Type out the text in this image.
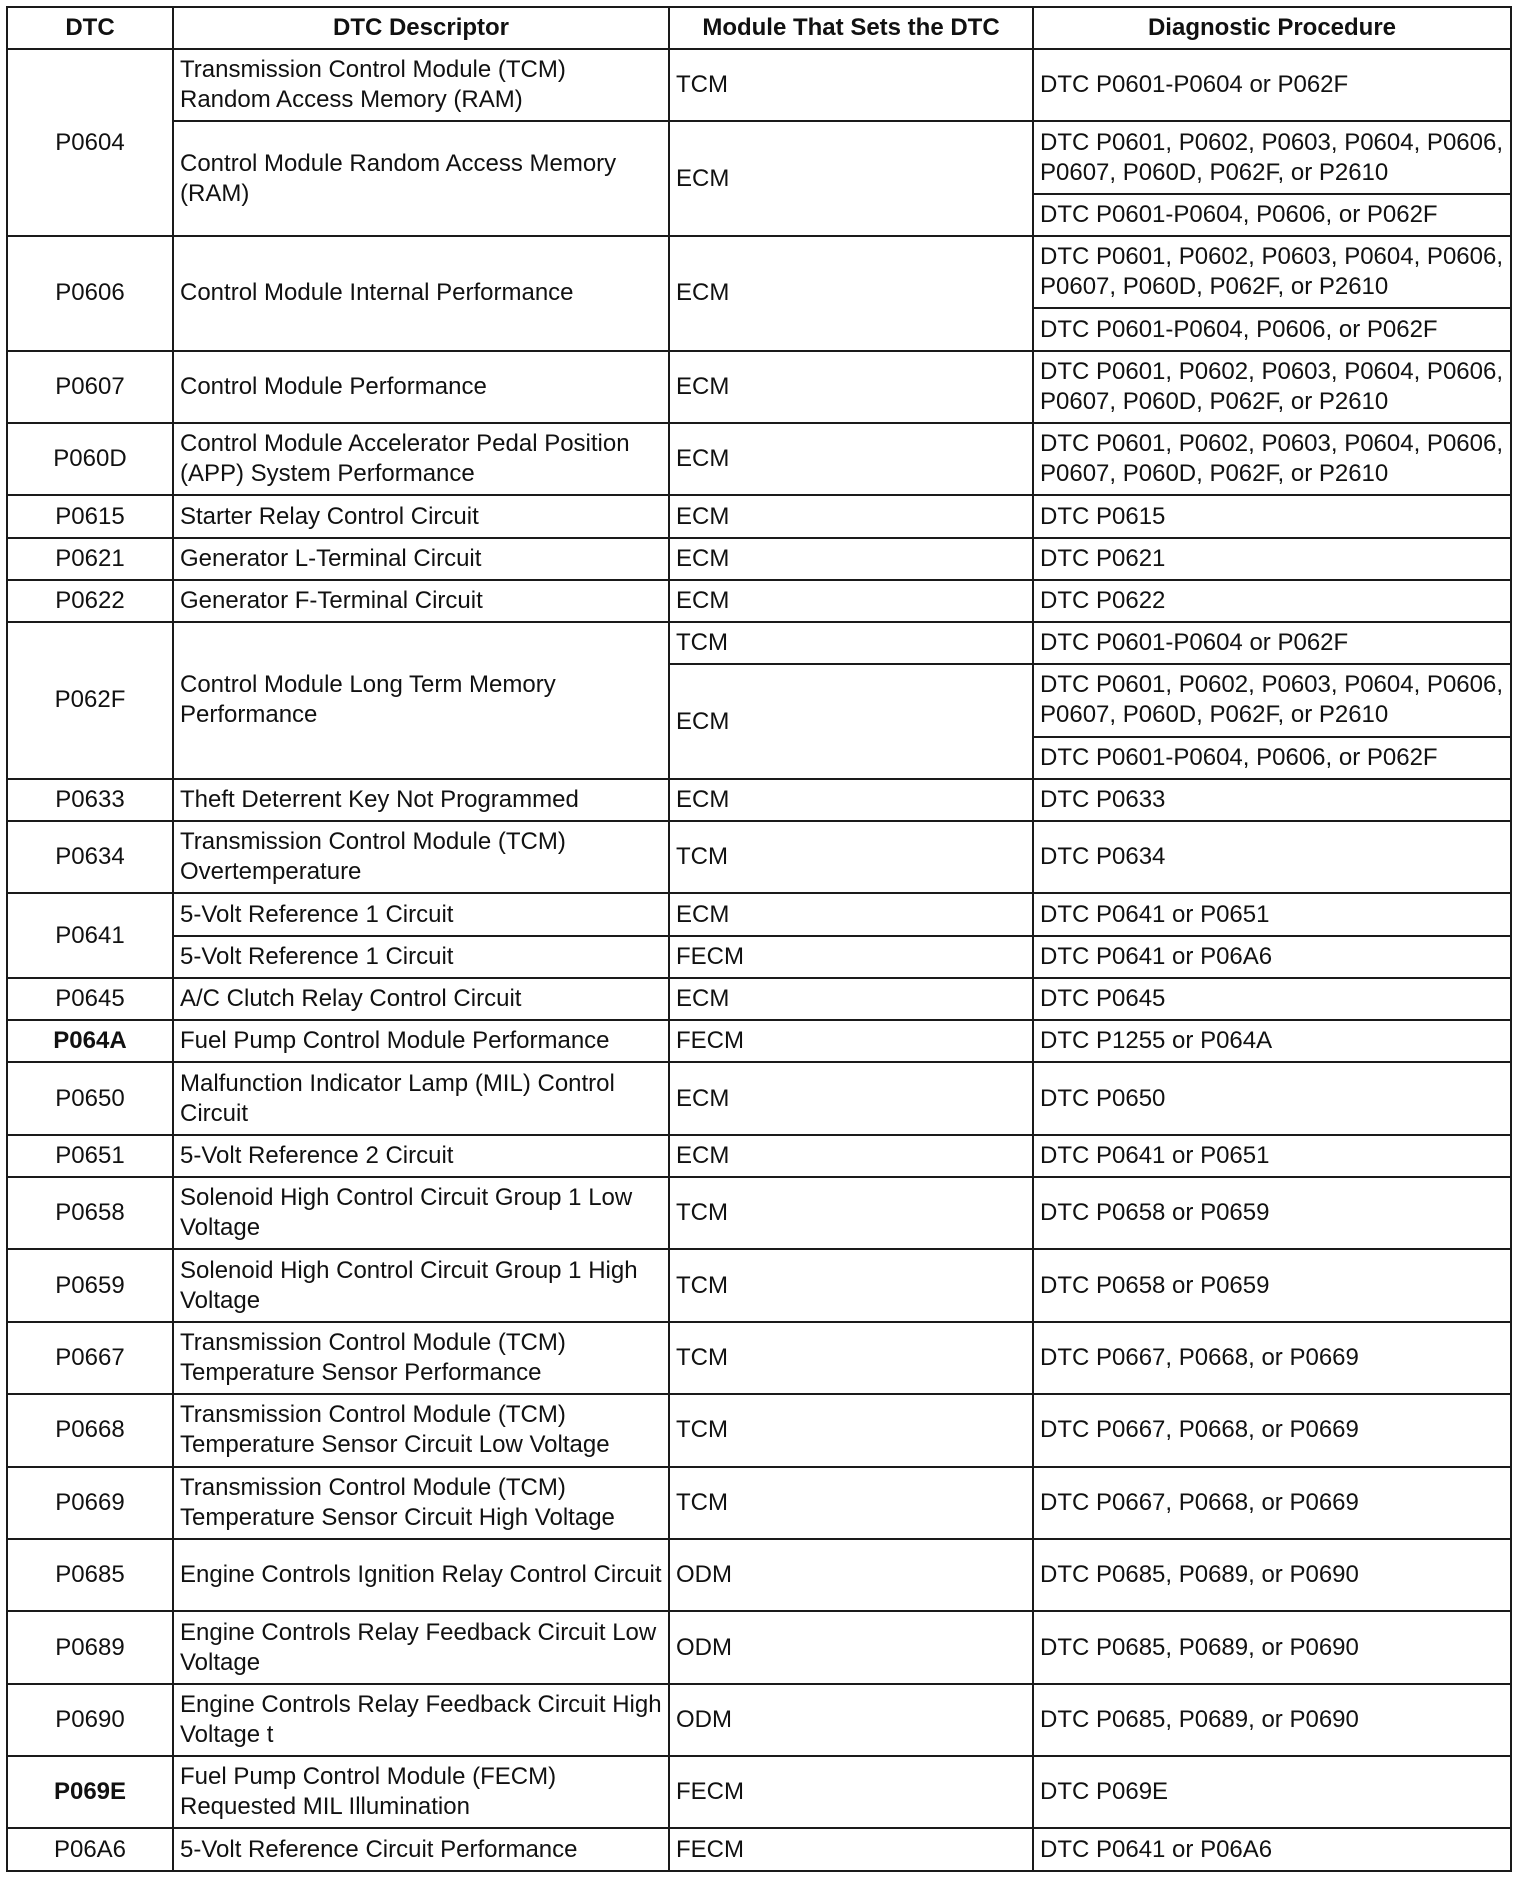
DTC	DTC Descriptor	Module That Sets the DTC	Diagnostic Procedure
P0604	Transmission Control Module (TCM) Random Access Memory (RAM)	TCM	DTC P0601-P0604 or P062F
	Control Module Random Access Memory (RAM)	ECM	DTC P0601, P0602, P0603, P0604, P0606, P0607, P060D, P062F, or P2610
			DTC P0601-P0604, P0606, or P062F
P0606	Control Module Internal Performance	ECM	DTC P0601, P0602, P0603, P0604, P0606, P0607, P060D, P062F, or P2610
			DTC P0601-P0604, P0606, or P062F
P0607	Control Module Performance	ECM	DTC P0601, P0602, P0603, P0604, P0606, P0607, P060D, P062F, or P2610
P060D	Control Module Accelerator Pedal Position (APP) System Performance	ECM	DTC P0601, P0602, P0603, P0604, P0606, P0607, P060D, P062F, or P2610
P0615	Starter Relay Control Circuit	ECM	DTC P0615
P0621	Generator L-Terminal Circuit	ECM	DTC P0621
P0622	Generator F-Terminal Circuit	ECM	DTC P0622
P062F	Control Module Long Term Memory Performance	TCM	DTC P0601-P0604 or P062F
		ECM	DTC P0601, P0602, P0603, P0604, P0606, P0607, P060D, P062F, or P2610
			DTC P0601-P0604, P0606, or P062F
P0633	Theft Deterrent Key Not Programmed	ECM	DTC P0633
P0634	Transmission Control Module (TCM) Overtemperature	TCM	DTC P0634
P0641	5-Volt Reference 1 Circuit	ECM	DTC P0641 or P0651
	5-Volt Reference 1 Circuit	FECM	DTC P0641 or P06A6
P0645	A/C Clutch Relay Control Circuit	ECM	DTC P0645
P064A	Fuel Pump Control Module Performance	FECM	DTC P1255 or P064A
P0650	Malfunction Indicator Lamp (MIL) Control Circuit	ECM	DTC P0650
P0651	5-Volt Reference 2 Circuit	ECM	DTC P0641 or P0651
P0658	Solenoid High Control Circuit Group 1 Low Voltage	TCM	DTC P0658 or P0659
P0659	Solenoid High Control Circuit Group 1 High Voltage	TCM	DTC P0658 or P0659
P0667	Transmission Control Module (TCM) Temperature Sensor Performance	TCM	DTC P0667, P0668, or P0669
P0668	Transmission Control Module (TCM) Temperature Sensor Circuit Low Voltage	TCM	DTC P0667, P0668, or P0669
P0669	Transmission Control Module (TCM) Temperature Sensor Circuit High Voltage	TCM	DTC P0667, P0668, or P0669
P0685	Engine Controls Ignition Relay Control Circuit	ODM	DTC P0685, P0689, or P0690
P0689	Engine Controls Relay Feedback Circuit Low Voltage	ODM	DTC P0685, P0689, or P0690
P0690	Engine Controls Relay Feedback Circuit High Voltage t	ODM	DTC P0685, P0689, or P0690
P069E	Fuel Pump Control Module (FECM) Requested MIL Illumination	FECM	DTC P069E
P06A6	5-Volt Reference Circuit Performance	FECM	DTC P0641 or P06A6
